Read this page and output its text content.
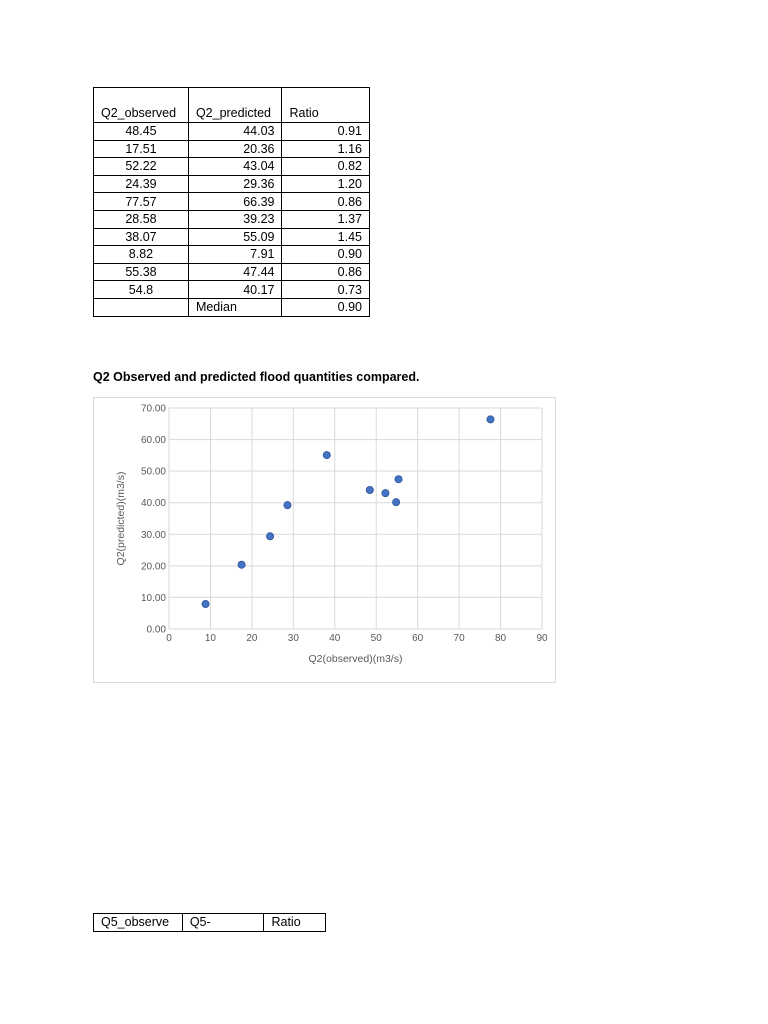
Q2_observed	Q2_predicted	Ratio
48.45	44.03	0.91
17.51	20.36	1.16
52.22	43.04	0.82
24.39	29.36	1.20
77.57	66.39	0.86
28.58	39.23	1.37
38.07	55.09	1.45
8.82	7.91	0.90
55.38	47.44	0.86
54.8	40.17	0.73
	Median	0.90
Q2 Observed and predicted flood quantities compared.
0.00
10.00
20.00
30.00
40.00
50.00
60.00
70.00
0	10	20	30	40	50	60	70	80	90
Q2(observed)(m3/s)
Q2(predicted)(m3/s)
Q5_observe	Q5-	Ratio
